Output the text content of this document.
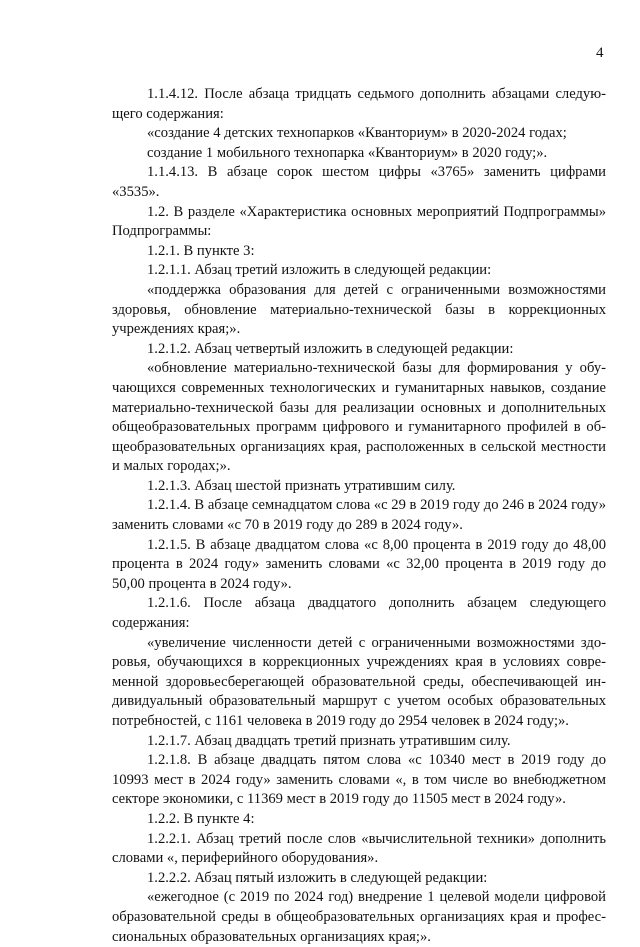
4

1.1.4.12. После абзаца тридцать седьмого дополнить абзацами следующего содержания:

«создание 4 детских технопарков «Кванториум» в 2020-2024 годах;

создание 1 мобильного технопарка «Кванториум» в 2020 году;».

1.1.4.13. В абзаце сорок шестом цифры «3765» заменить цифрами «3535».

1.2. В разделе «Характеристика основных мероприятий Подпрограммы» Подпрограммы:

1.2.1. В пункте 3:

1.2.1.1. Абзац третий изложить в следующей редакции:

«поддержка образования для детей с ограниченными возможностями здоровья, обновление материально-технической базы в коррекционных учреждениях края;».

1.2.1.2. Абзац четвертый изложить в следующей редакции:

«обновление материально-технической базы для формирования у обучающихся современных технологических и гуманитарных навыков, создание материально-технической базы для реализации основных и дополнительных общеобразовательных программ цифрового и гуманитарного профилей в общеобразовательных организациях края, расположенных в сельской местности и малых городах;».

1.2.1.3. Абзац шестой признать утратившим силу.

1.2.1.4. В абзаце семнадцатом слова «с 29 в 2019 году до 246 в 2024 году» заменить словами «с 70 в 2019 году до 289 в 2024 году».

1.2.1.5. В абзаце двадцатом слова «с 8,00 процента в 2019 году до 48,00 процента в 2024 году» заменить словами «с 32,00 процента в 2019 году до 50,00 процента в 2024 году».

1.2.1.6. После абзаца двадцатого дополнить абзацем следующего содержания:

«увеличение численности детей с ограниченными возможностями здоровья, обучающихся в коррекционных учреждениях края в условиях современной здоровьесберегающей образовательной среды, обеспечивающей индивидуальный образовательный маршрут с учетом особых образовательных потребностей, с 1161 человека в 2019 году до 2954 человек в 2024 году;».

1.2.1.7. Абзац двадцать третий признать утратившим силу.

1.2.1.8. В абзаце двадцать пятом слова «с 10340 мест в 2019 году до 10993 мест в 2024 году» заменить словами «, в том числе во внебюджетном секторе экономики, с 11369 мест в 2019 году до 11505 мест в 2024 году».

1.2.2. В пункте 4:

1.2.2.1. Абзац третий после слов «вычислительной техники» дополнить словами «, периферийного оборудования».

1.2.2.2. Абзац пятый изложить в следующей редакции:

«ежегодное (с 2019 по 2024 год) внедрение 1 целевой модели цифровой образовательной среды в общеобразовательных организациях края и профессиональных образовательных организациях края;».
